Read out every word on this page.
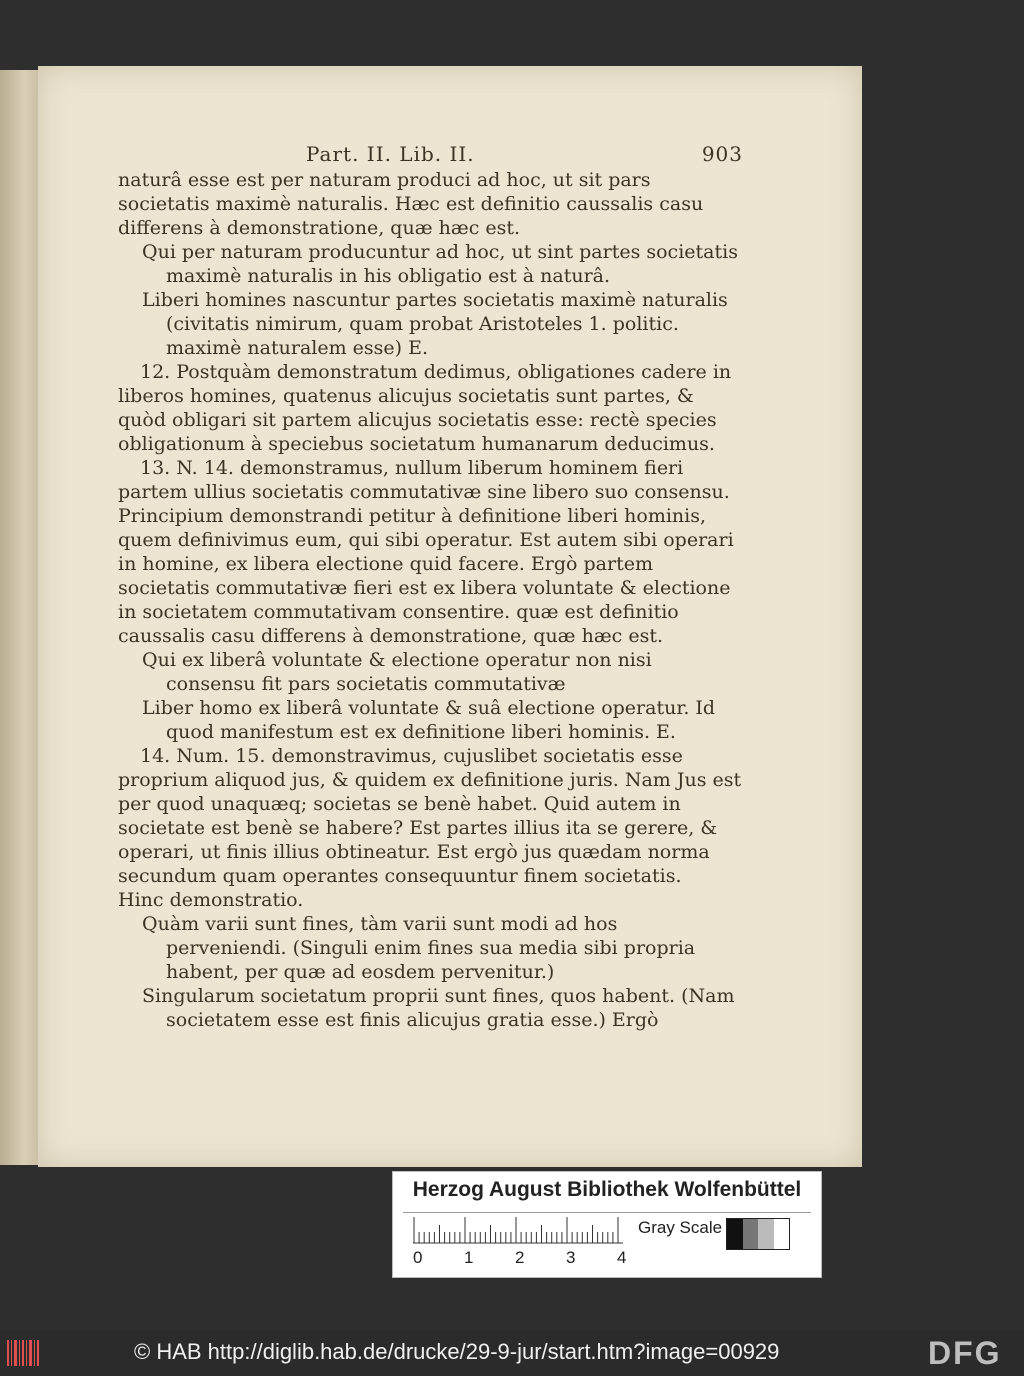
Part. II. Lib. II.	903

naturâ esse est per naturam produci ad hoc, ut sit pars societatis maximè naturalis. Hæc est definitio caussalis casu differens à demonstratione, quæ hæc est.

Qui per naturam producuntur ad hoc, ut sint partes societatis maximè naturalis in his obligatio est à naturâ.

Liberi homines nascuntur partes societatis maximè naturalis (civitatis nimirum, quam probat Aristoteles 1. politic. maximè naturalem esse) E.

12. Postquàm demonstratum dedimus, obligationes cadere in liberos homines, quatenus alicujus societatis sunt partes, & quòd obligari sit partem alicujus societatis esse: rectè species obligationum à speciebus societatum humanarum deducimus.

13. N. 14. demonstramus, nullum liberum hominem fieri partem ullius societatis commutativæ sine libero suo consensu. Principium demonstrandi petitur à definitione liberi hominis, quem definivimus eum, qui sibi operatur. Est autem sibi operari in homine, ex libera electione quid facere. Ergò partem societatis commutativæ fieri est ex libera voluntate & electione in societatem commutativam consentire. quæ est definitio caussalis casu differens à demonstratione, quæ hæc est.

Qui ex liberâ voluntate & electione operatur non nisi consensu fit pars societatis commutativæ

Liber homo ex liberâ voluntate & suâ electione operatur. Id quod manifestum est ex definitione liberi hominis. E.

14. Num. 15. demonstravimus, cujuslibet societatis esse proprium aliquod jus, & quidem ex definitione juris. Nam Jus est per quod unaquæq; societas se benè habet. Quid autem in societate est benè se habere? Est partes illius ita se gerere, & operari, ut finis illius obtineatur. Est ergò jus quædam norma secundum quam operantes consequuntur finem societatis.

Hinc demonstratio.

Quàm varii sunt fines, tàm varii sunt modi ad hos perveniendi. (Singuli enim fines sua media sibi propria habent, per quæ ad eosdem pervenitur.)

Singularum societatum proprii sunt fines, quos habent. (Nam societatem esse est finis alicujus gratia esse.) Ergò

Herzog August Bibliothek Wolfenbüttel
0 1 2 3 4
Gray Scale
© HAB http://diglib.hab.de/drucke/29-9-jur/start.htm?image=00929	DFG
